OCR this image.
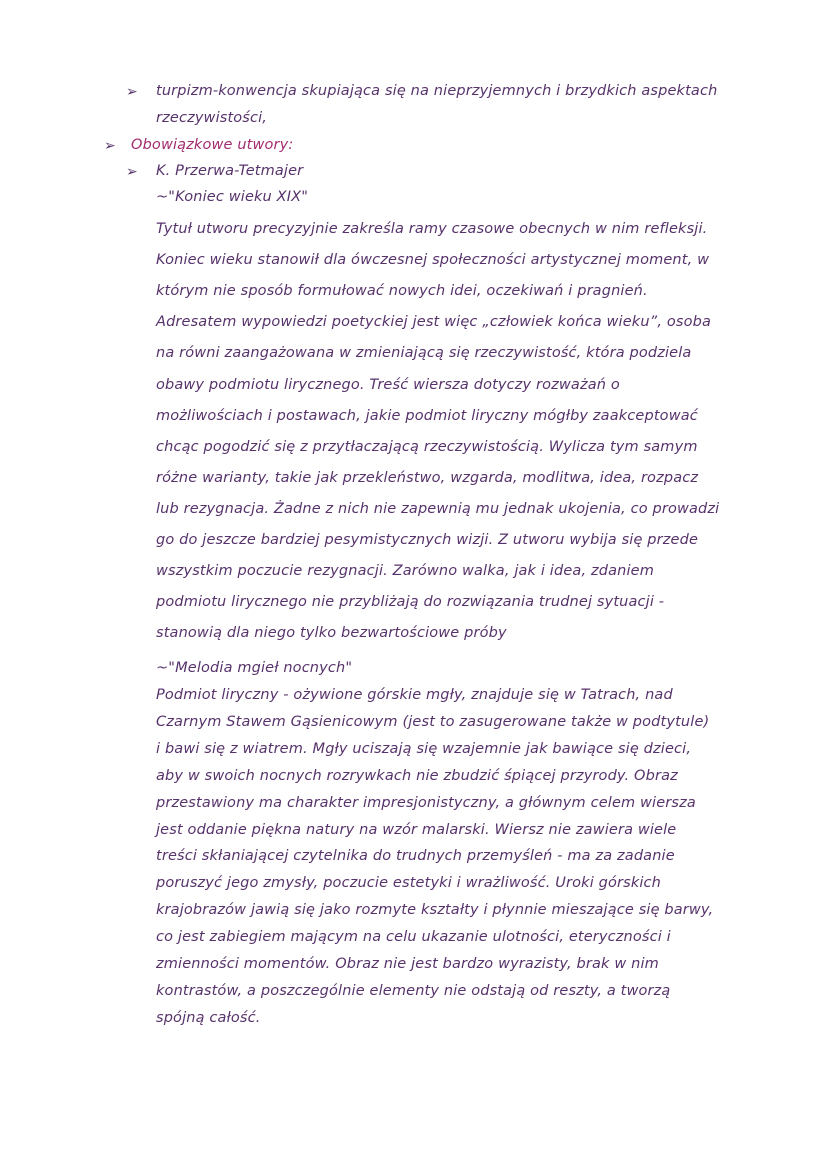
➢ turpizm-konwencja skupiająca się na nieprzyjemnych i brzydkich aspektach
rzeczywistości,
➢ Obowiązkowe utwory:
➢ K. Przerwa-Tetmajer
~"Koniec wieku XIX"
Tytuł utworu precyzyjnie zakreśla ramy czasowe obecnych w nim refleksji.
Koniec wieku stanowił dla ówczesnej społeczności artystycznej moment, w
którym nie sposób formułować nowych idei, oczekiwań i pragnień.
Adresatem wypowiedzi poetyckiej jest więc „człowiek końca wieku”, osoba
na równi zaangażowana w zmieniającą się rzeczywistość, która podziela
obawy podmiotu lirycznego. Treść wiersza dotyczy rozważań o
możliwościach i postawach, jakie podmiot liryczny mógłby zaakceptować
chcąc pogodzić się z przytłaczającą rzeczywistością. Wylicza tym samym
różne warianty, takie jak przekleństwo, wzgarda, modlitwa, idea, rozpacz
lub rezygnacja. Żadne z nich nie zapewnią mu jednak ukojenia, co prowadzi
go do jeszcze bardziej pesymistycznych wizji. Z utworu wybija się przede
wszystkim poczucie rezygnacji. Zarówno walka, jak i idea, zdaniem
podmiotu lirycznego nie przybliżają do rozwiązania trudnej sytuacji -
stanowią dla niego tylko bezwartościowe próby
~"Melodia mgieł nocnych"
Podmiot liryczny - ożywione górskie mgły, znajduje się w Tatrach, nad
Czarnym Stawem Gąsienicowym (jest to zasugerowane także w podtytule)
i bawi się z wiatrem. Mgły uciszają się wzajemnie jak bawiące się dzieci,
aby w swoich nocnych rozrywkach nie zbudzić śpiącej przyrody. Obraz
przestawiony ma charakter impresjonistyczny, a głównym celem wiersza
jest oddanie piękna natury na wzór malarski. Wiersz nie zawiera wiele
treści skłaniającej czytelnika do trudnych przemyśleń - ma za zadanie
poruszyć jego zmysły, poczucie estetyki i wrażliwość. Uroki górskich
krajobrazów jawią się jako rozmyte kształty i płynnie mieszające się barwy,
co jest zabiegiem mającym na celu ukazanie ulotności, eteryczności i
zmienności momentów. Obraz nie jest bardzo wyrazisty, brak w nim
kontrastów, a poszczególnie elementy nie odstają od reszty, a tworzą
spójną całość.
